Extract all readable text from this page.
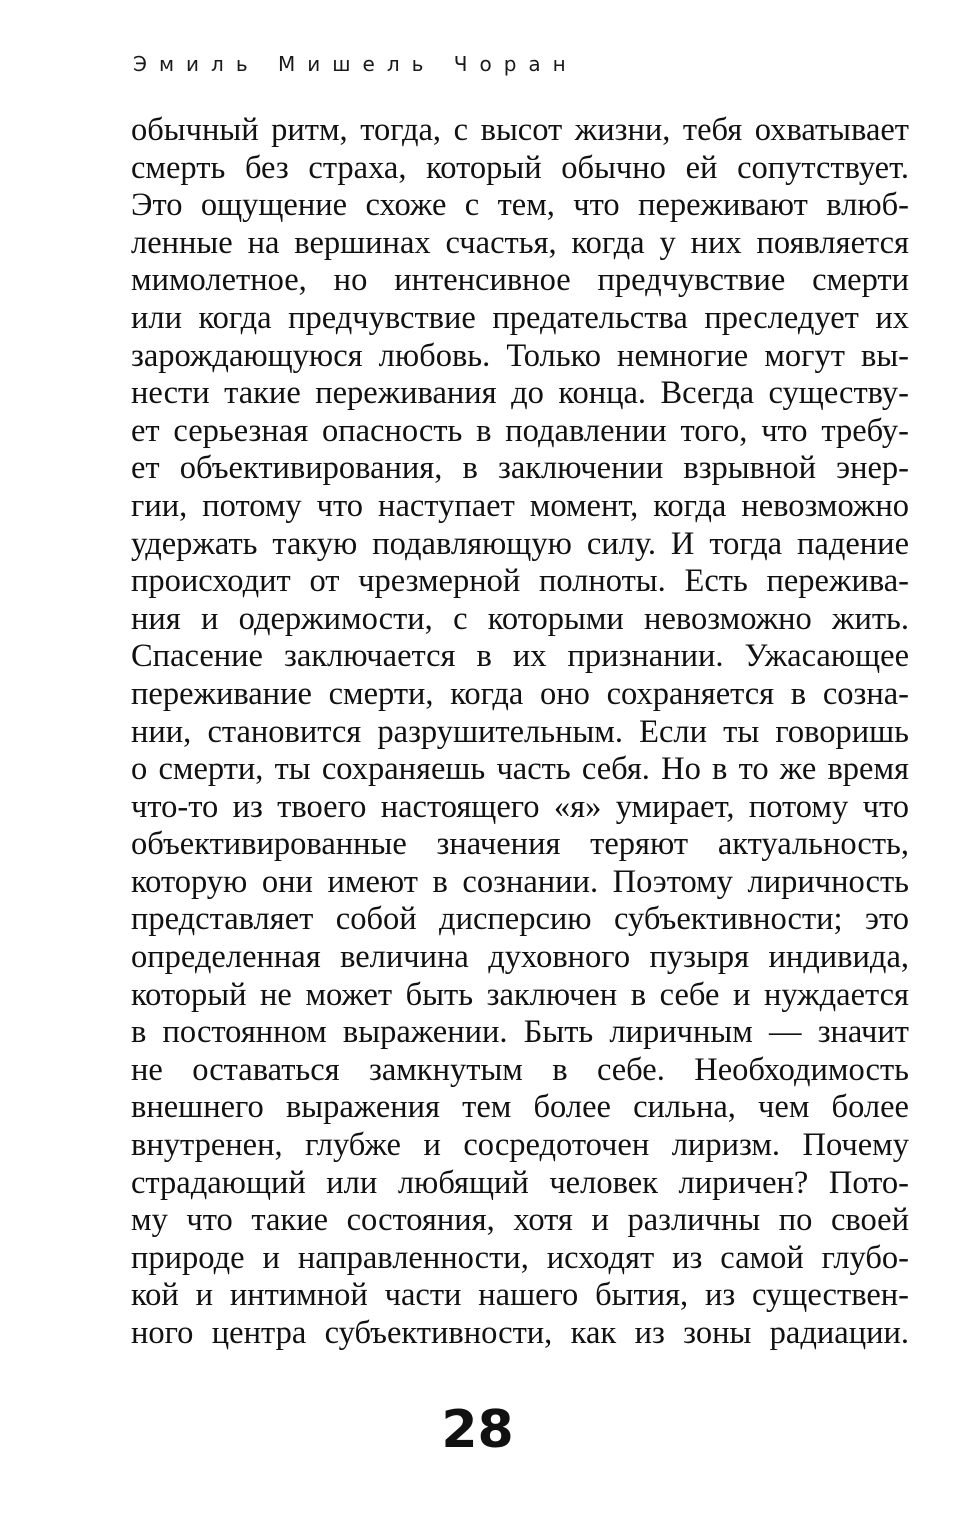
Эмиль Мишель Чоран
обычный ритм, тогда, с высот жизни, тебя охватывает
смерть без страха, который обычно ей сопутствует.
Это ощущение схоже с тем, что переживают влюб-
ленные на вершинах счастья, когда у них появляется
мимолетное, но интенсивное предчувствие смерти
или когда предчувствие предательства преследует их
зарождающуюся любовь. Только немногие могут вы-
нести такие переживания до конца. Всегда существу-
ет серьезная опасность в подавлении того, что требу-
ет объективирования, в заключении взрывной энер-
гии, потому что наступает момент, когда невозможно
удержать такую подавляющую силу. И тогда падение
происходит от чрезмерной полноты. Есть пережива-
ния и одержимости, с которыми невозможно жить.
Спасение заключается в их признании. Ужасающее
переживание смерти, когда оно сохраняется в созна-
нии, становится разрушительным. Если ты говоришь
о смерти, ты сохраняешь часть себя. Но в то же время
что-то из твоего настоящего «я» умирает, потому что
объективированные значения теряют актуальность,
которую они имеют в сознании. Поэтому лиричность
представляет собой дисперсию субъективности; это
определенная величина духовного пузыря индивида,
который не может быть заключен в себе и нуждается
в постоянном выражении. Быть лиричным — значит
не оставаться замкнутым в себе. Необходимость
внешнего выражения тем более сильна, чем более
внутренен, глубже и сосредоточен лиризм. Почему
страдающий или любящий человек лиричен? Пото-
му что такие состояния, хотя и различны по своей
природе и направленности, исходят из самой глубо-
кой и интимной части нашего бытия, из существен-
ного центра субъективности, как из зоны радиации.
28
